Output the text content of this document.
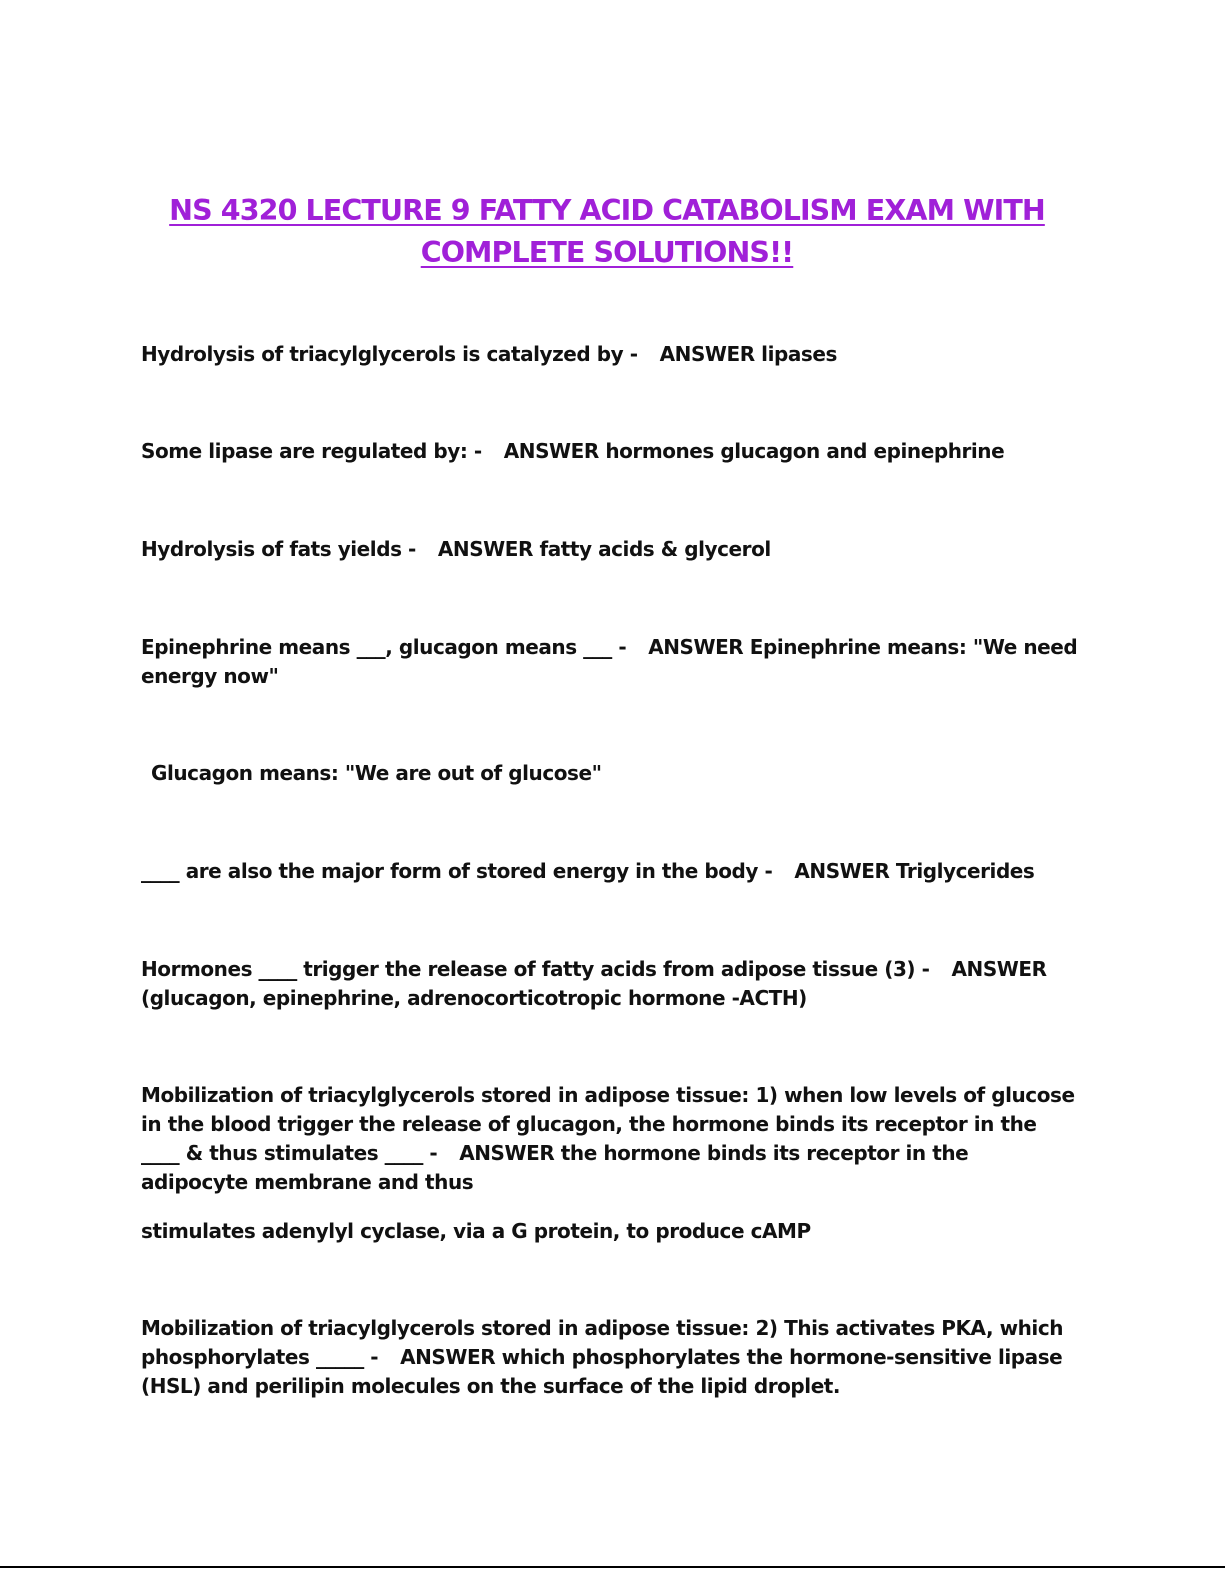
NS 4320 LECTURE 9 FATTY ACID CATABOLISM EXAM WITH
COMPLETE SOLUTIONS!!
Hydrolysis of triacylglycerols is catalyzed by - ANSWER lipases
Some lipase are regulated by: - ANSWER hormones glucagon and epinephrine
Hydrolysis of fats yields - ANSWER fatty acids & glycerol
Epinephrine means ___, glucagon means ___ - ANSWER Epinephrine means: "We need energy now"
Glucagon means: "We are out of glucose"
____ are also the major form of stored energy in the body - ANSWER Triglycerides
Hormones ____ trigger the release of fatty acids from adipose tissue (3) - ANSWER (glucagon, epinephrine, adrenocorticotropic hormone -ACTH)
Mobilization of triacylglycerols stored in adipose tissue: 1) when low levels of glucose in the blood trigger the release of glucagon, the hormone binds its receptor in the ____ & thus stimulates ____ - ANSWER the hormone binds its receptor in the adipocyte membrane and thus
stimulates adenylyl cyclase, via a G protein, to produce cAMP
Mobilization of triacylglycerols stored in adipose tissue: 2) This activates PKA, which phosphorylates _____ - ANSWER which phosphorylates the hormone-sensitive lipase (HSL) and perilipin molecules on the surface of the lipid droplet.
